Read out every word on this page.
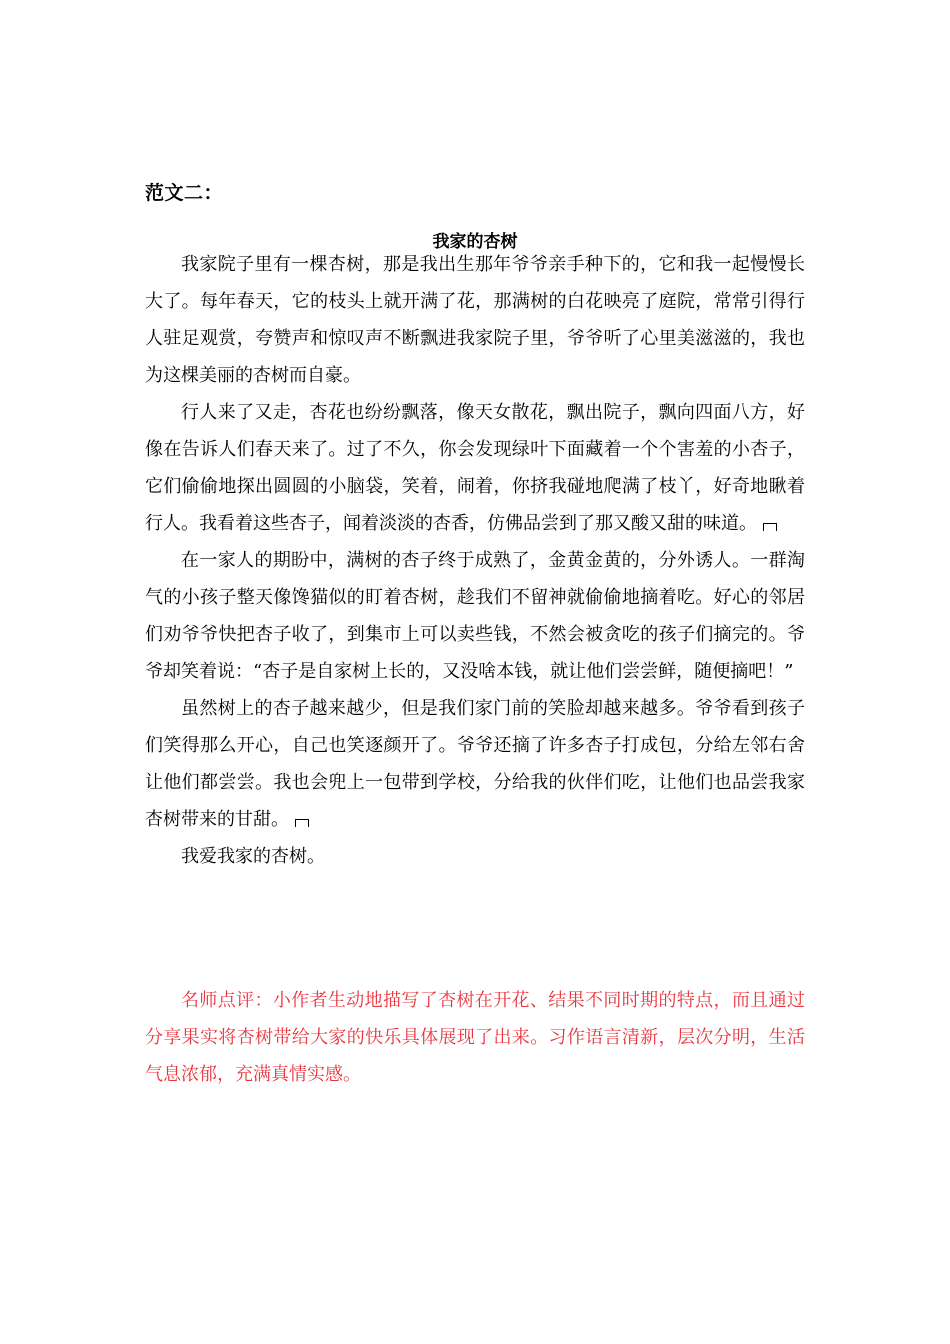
范文二：
我家的杏树

我家院子里有一棵杏树，那是我出生那年爷爷亲手种下的，它和我一起慢慢长大了。每年春天，它的枝头上就开满了花，那满树的白花映亮了庭院，常常引得行人驻足观赏，夸赞声和惊叹声不断飘进我家院子里，爷爷听了心里美滋滋的，我也为这棵美丽的杏树而自豪。

行人来了又走，杏花也纷纷飘落，像天女散花，飘出院子，飘向四面八方，好像在告诉人们春天来了。过了不久，你会发现绿叶下面藏着一个个害羞的小杏子，它们偷偷地探出圆圆的小脑袋，笑着，闹着，你挤我碰地爬满了枝丫，好奇地瞅着行人。我看着这些杏子，闻着淡淡的杏香，仿佛品尝到了那又酸又甜的味道。

在一家人的期盼中，满树的杏子终于成熟了，金黄金黄的，分外诱人。一群淘气的小孩子整天像馋猫似的盯着杏树，趁我们不留神就偷偷地摘着吃。好心的邻居们劝爷爷快把杏子收了，到集市上可以卖些钱，不然会被贪吃的孩子们摘完的。爷爷却笑着说：“杏子是自家树上长的，又没啥本钱，就让他们尝尝鲜，随便摘吧！”

虽然树上的杏子越来越少，但是我们家门前的笑脸却越来越多。爷爷看到孩子们笑得那么开心，自己也笑逐颜开了。爷爷还摘了许多杏子打成包，分给左邻右舍让他们都尝尝。我也会兜上一包带到学校，分给我的伙伴们吃，让他们也品尝我家杏树带来的甘甜。

我爱我家的杏树。

名师点评：小作者生动地描写了杏树在开花、结果不同时期的特点，而且通过分享果实将杏树带给大家的快乐具体展现了出来。习作语言清新，层次分明，生活气息浓郁，充满真情实感。
